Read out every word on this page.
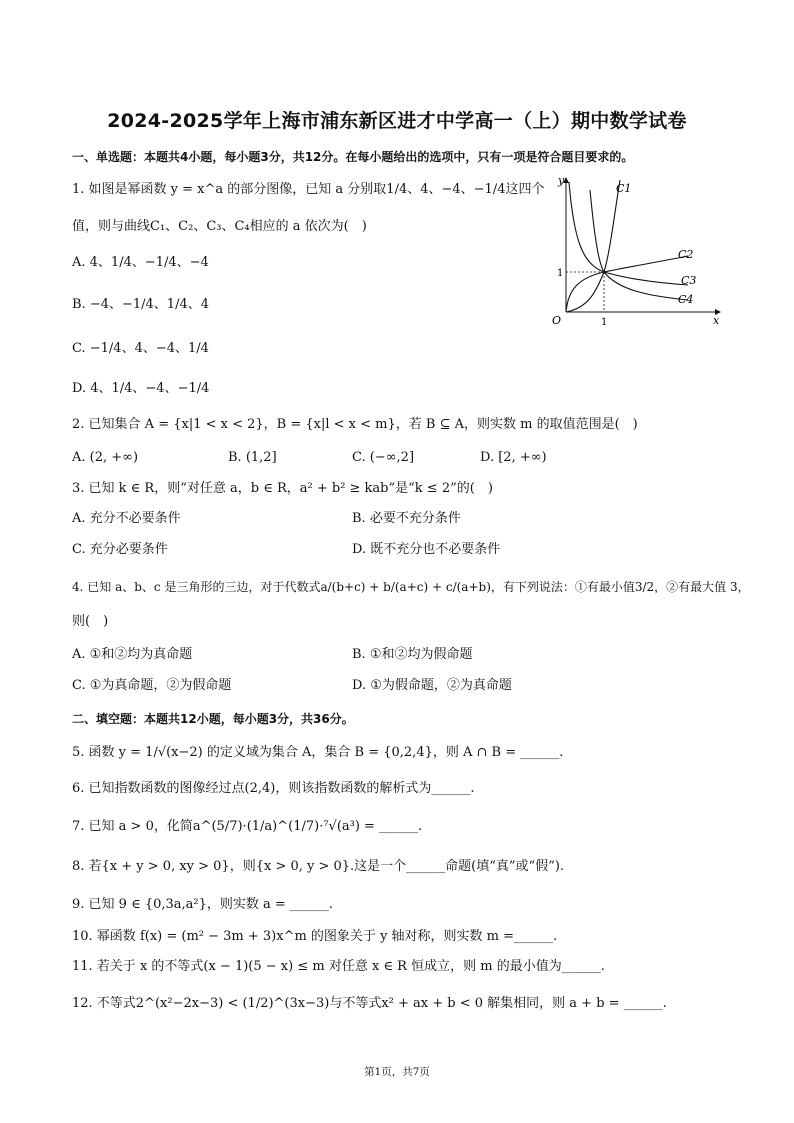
2024-2025学年上海市浦东新区进才中学高一（上）期中数学试卷
一、单选题：本题共4小题，每小题3分，共12分。在每小题给出的选项中，只有一项是符合题目要求的。
1. 如图是幂函数 y = x^a 的部分图像，已知 a 分别取1/4、4、−4、−1/4这四个
值，则与曲线C₁、C₂、C₃、C₄相应的 a 依次为(　)
A. 4、1/4、−1/4、−4
B. −4、−1/4、1/4、4
C. −1/4、4、−4、1/4
D. 4、1/4、−4、−1/4
y
x
O	1
1
C1
C2
C3
C4
2. 已知集合 A = {x|1 < x < 2}，B = {x|l < x < m}，若 B ⊆ A，则实数 m 的取值范围是(　)
A. (2, +∞)	B. (1,2]	C. (−∞,2]	D. [2, +∞)
3. 已知 k ∈ R，则“对任意 a，b ∈ R，a² + b² ≥ kab”是“k ≤ 2”的(　)
A. 充分不必要条件	B. 必要不充分条件
C. 充分必要条件	D. 既不充分也不必要条件
4. 已知 a、b、c 是三角形的三边，对于代数式a/(b+c) + b/(a+c) + c/(a+b)，有下列说法：①有最小值3/2，②有最大值 3，
则(　)
A. ①和②均为真命题	B. ①和②均为假命题
C. ①为真命题，②为假命题	D. ①为假命题，②为真命题
二、填空题：本题共12小题，每小题3分，共36分。
5. 函数 y = 1/√(x−2) 的定义域为集合 A，集合 B = {0,2,4}，则 A ∩ B = ______.
6. 已知指数函数的图像经过点(2,4)，则该指数函数的解析式为______.
7. 已知 a > 0，化简a^(5/7)·(1/a)^(1/7)·⁷√(a³) = ______.
8. 若{x + y > 0, xy > 0}，则{x > 0, y > 0}.这是一个______命题(填“真”或“假”).
9. 已知 9 ∈ {0,3a,a²}，则实数 a = ______.
10. 幂函数 f(x) = (m² − 3m + 3)x^m 的图象关于 y 轴对称，则实数 m =______.
11. 若关于 x 的不等式(x − 1)(5 − x) ≤ m 对任意 x ∈ R 恒成立，则 m 的最小值为______.
12. 不等式2^(x²−2x−3) < (1/2)^(3x−3)与不等式x² + ax + b < 0 解集相同，则 a + b = ______.
第1页，共7页
